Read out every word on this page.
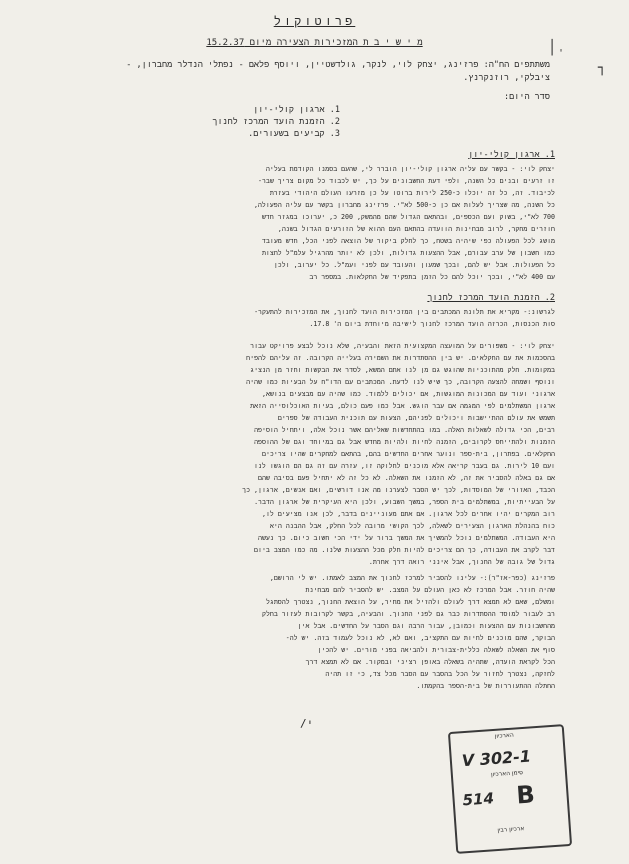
פרוטוקול
מ י ש י ב ת המזכירות הצעירה מיום 15.2.37
משתתפים הח"ה: פרזינג, יצחק לוי, לנקר, גולדשטיין, ויוסף פלאם - נפתלי הנדלר מחברון, - ציבלקי, רוזנקרנץ.
סדר היום:
1. ארגון קולי-יון
2. הזמנת הועד המרכז לחנוך
3. קביעים בשעורים.
1. ארגון קולי-יון
יצחק לוי: - בקשר עם עליה ארגון קולי-יון הוברר לי, שהעם בסמנו הקודמת בעליה
זו זרעים ובנים כל השנה, ולפי דעת החשבונים על כך, יש לכבוד כל מקום צריך שבר-
לכיבוד. זה, כל זה יוכלו כ-250 לירות ברוטו על כן מזרעו העולם היהודי בעזרת
כל השנה, מה שצריך לעלות אם כן כ-500 לא"י. פרזינג מחברון בקשר עם עליה הפעולה,
700 לא"י, בשוק ועם הכספים, ובהתאם הגדול שהם מהמשק, 200 כ, יערוכו במגזר חדש
חוזרים מחקר, לרוב מבחינות הוועדה בהתאם העם ההוא של הזורעים הגדול בשנה,
מושג לכל הפעולה כפי שיהיה בשטח, כך לחלק ביקור של הוצאה לפני הכל, חדש מעובד
כמו חשבון של ערב עבורם, אבל ההצעות גדולות, ולכן לא יותר מהרגיל עלמ"ל לחצות
כל הפעולות. אבל יש להם, ובכך שמעון והעובד עם לפני ועמ"ל. כל יערוב, ולכן
עם 400 לא"י, ובכך יוכל להם כל הזמן בתפקיד של החקלאות. במספר רב
2. הזמנת הועד המרכז לחנוך
לגרשונ:- מקריא את תלונת המכתבים בין המזכירות הועד לחנוך, את המזכירות להתעקר-
סות הכנסות, הכרזה הועד המרכז לחנוך לישיבה מיוחדת ביום ה' 17.8.
יצחק לוי: - משפורים על המועצה המקצועית הזאת והבעיה, שלא נוכל לבצע פרויקט עבור
בהסכמות את עם החקלאים. יש בין ההסתדרות את השמירה בעלייה הקרובה. זה עליהם להפיח
במקומות. חלק מהתוכניות שהוגש גם מן לנו אתם המשא, לסדר את הבקשות וחזר מן הנציג
ונוסף ושמחה להצעה הקרובה, כך שיש לנו לדעת. המכתבים עם הדו"ח על הבעיות כמו שהיה
ארגוני ועוד עם המכונות המוגשות, אם יכולים ללמוד. כמו שהיה עם מבצעים בנושא,
ארגון המשתלמים לפי המגמה אם עבר הוגש. אבל כמו פעם כולם, בעיות האוכלוסייה הזאת
תשמש את עולם ההתיישבות ויכולים לפניהם, הצעות עם תוכנית העבודה של ספרים
רבים, הכי גדולה לשאלות האלה. במו בהתחדשות שאליהם אשר נוכל אלה, ויתחיל הוסיפה
הזמנות ולהתייחס לקרובים, הזמנה לחיות ולהיות מחדש אבל גם במיוחד וגם של ההוספה
החקלאים. בפתרון, בית-ספר ונוער אחרים החדשים בהם, בהתאם למחקרים שהיו צריכים
ועם 10 לירות. גם בעבר קריאה אלא מוכנים לחלוקה זו, עזרה עם זה גם הם הוגשו לנו
אם גם באלה להסביר את זה, לא הזמנו את השאלה. לא כל זה לא יתחיל פעם בסיבה שהם
הכבד, האזורי של המוסדות, לכך יש הסבר לצערנו מה אנו דורשים, ואם אנשים, ארגון, כך
על הבעייתיות, במשתלמים בית הספר, במשך השבוע, ולכן היא העיקרית של ארגון הדבר.
רוב המקרים יהיו אחרים לכל ארגון. אם אתם מעוניינים בדבר, לכן אנו מציעים לו,
כוח בהנהלת הארגון הצעירים לשאלה, לכך הקושי מרובה לכל החלק, אבל ההבנה היא
היא העבודה. המשתלמים נוכל להמשיך את המשך ברור על ידי הכי חשוב כיום. כך נעשה
דבר לקרב את העבודה, כך הם צריכים להיות חלק מכל ההצעות שלנו. מה כמו המצב ביום
גדול של גובה של החנוך, אבל אינני רואה דרך אחרת.
פרזינג (כפר-אז"ר):- עלינו להסביר למרכז לחנוך את המצב לאמתו. יש לי הרושם,
שהיה חוזר. אבל המרכז לא כאן העולם על המצב. יש להסביר להם מבחינת
ומשלם, שאם לא תמצא דרך לעולם ולהזיל את מחיר, על הוצאת החנוך, נצטרך להסתגל
רב לעבור למוסד ההסתדרות כבר גם לפני החנוך. והבעיה, בקשר לקרובות לעזור בחלק
מהחשבונות עם ההצעות וכמובן, עבור הרבה וגם הסבר על החדשים. אבל אין
הבוקר, שהם מוכנים לחיות עם התקציב, ואם לא, לא נוכל לעמוד בזה. יש לה-
סוף את השאלה לשאלה כללית-צבורית ולהביאה בפני מורים. יש להכין
הכל לקראת הועדה, שתהיה בשאלה באופן רציני ובמקור. אם לא תמצא דרך
לחזקה, נצטרך לחזור על הכל בהסבר עם הסבר מכל צד, כי זו תהיה
החתלה ההתעוררות של בית-הספר בהקמתו.
/י
│ '
┐
הארכיון
V 302-1
סימן הארכיון
514 B
ארכיון רבין
